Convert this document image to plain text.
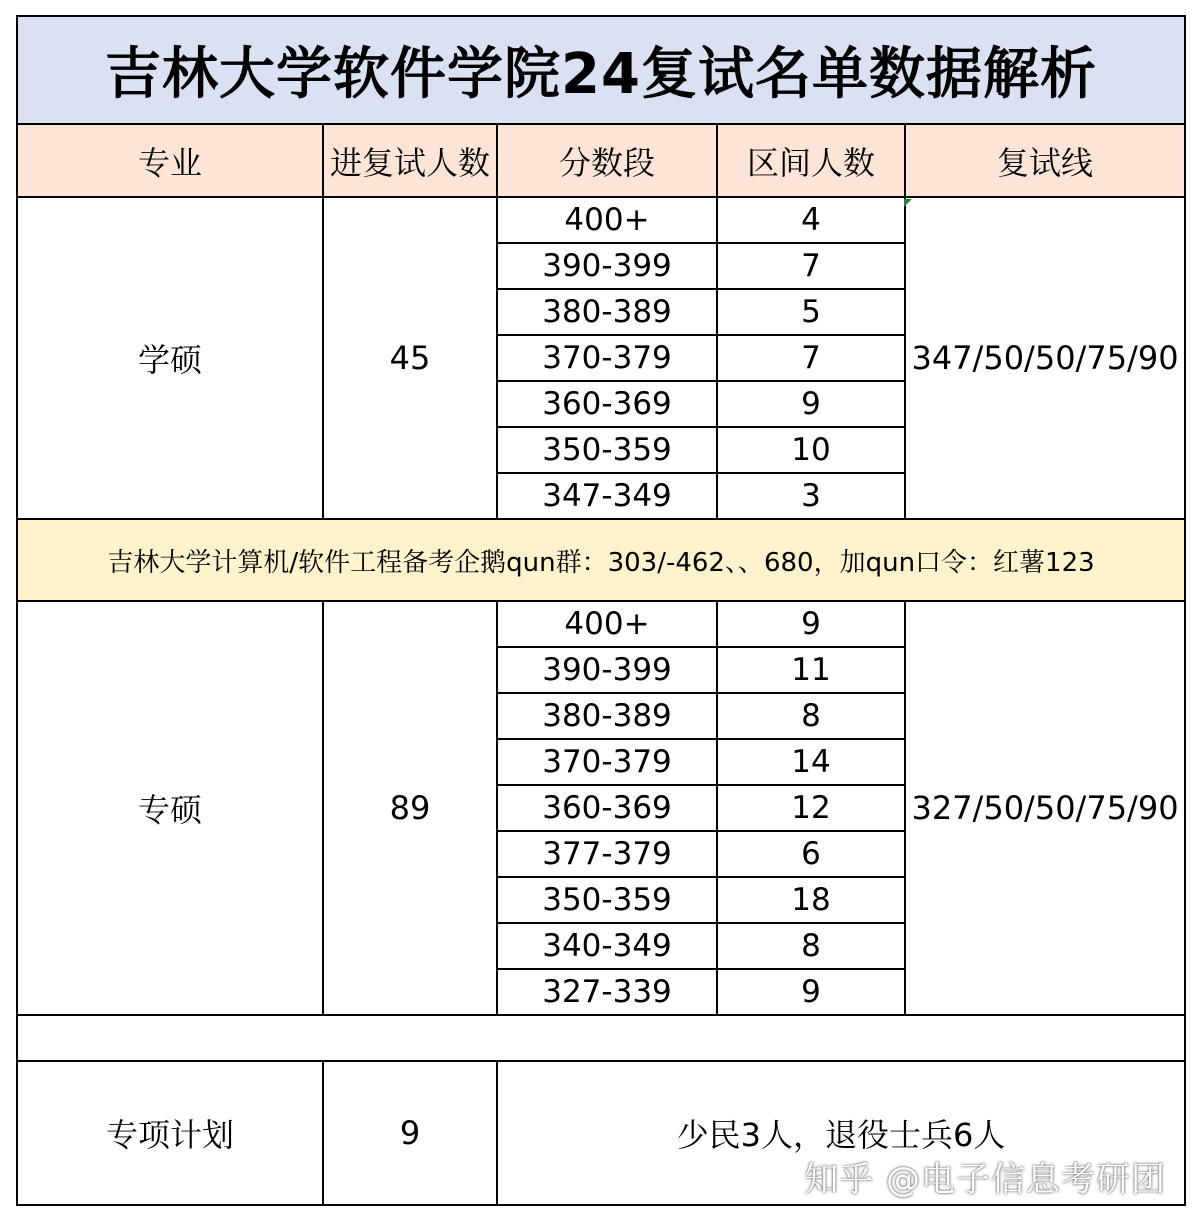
吉林大学软件学院24复试名单数据解析				
专业	进复试人数	分数段	区间人数	复试线
学硕	45	400+	4	347/50/50/75/90
		390-399	7	
		380-389	5	
		370-379	7	
		360-369	9	
		350-359	10	
		347-349	3	
吉林大学计算机/软件工程备考企鹅qun群：303/-462、、680，加qun口令：红薯123				
专硕	89	400+	9	327/50/50/75/90
		390-399	11	
		380-389	8	
		370-379	14	
		360-369	12	
		377-379	6	
		350-359	18	
		340-349	8	
		327-339	9	

专项计划	9	少民3人，退役士兵6人		
知乎 @电子信息考研团
